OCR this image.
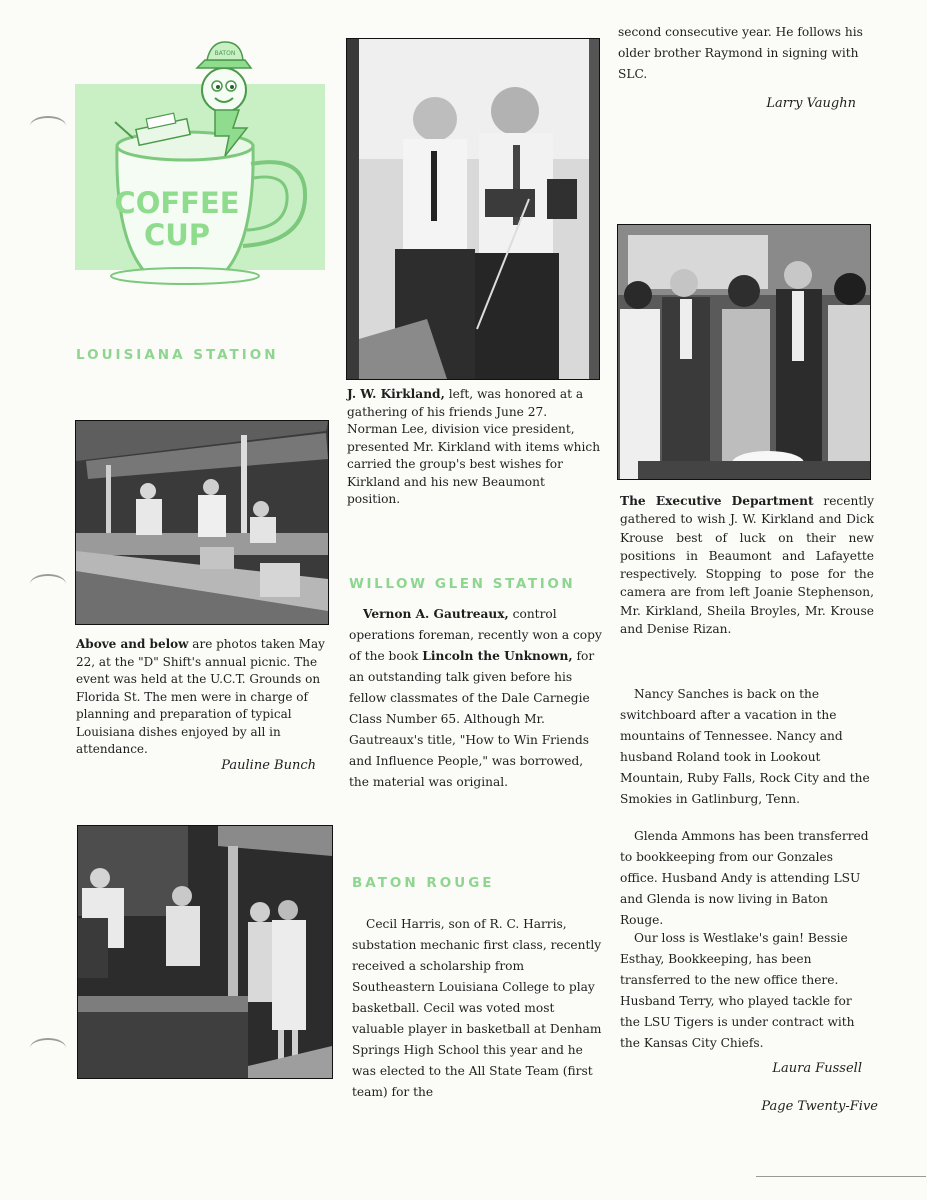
BATON
COFFEE
CUP
LOUISIANA STATION

Above and below are photos taken May 22, at the "D" Shift's annual picnic. The event was held at the U.C.T. Grounds on Florida St. The men were in charge of planning and preparation of typical Louisiana dishes enjoyed by all in attendance.

Pauline Bunch

J. W. Kirkland, left, was honored at a gathering of his friends June 27. Norman Lee, division vice president, presented Mr. Kirkland with items which carried the group's best wishes for Kirkland and his new Beaumont position.

WILLOW GLEN STATION

Vernon A. Gautreaux, control operations foreman, recently won a copy of the book Lincoln the Unknown, for an outstanding talk given before his fellow classmates of the Dale Carnegie Class Number 65. Although Mr. Gautreaux's title, "How to Win Friends and Influence People," was borrowed, the material was original.

BATON ROUGE

Cecil Harris, son of R. C. Harris, substation mechanic first class, recently received a scholarship from Southeastern Louisiana College to play basketball. Cecil was voted most valuable player in basketball at Denham Springs High School this year and he was elected to the All State Team (first team) for the

second consecutive year. He follows his older brother Raymond in signing with SLC.

Larry Vaughn

The Executive Department recently gathered to wish J. W. Kirkland and Dick Krouse best of luck on their new positions in Beaumont and Lafayette respectively. Stopping to pose for the camera are from left Joanie Stephenson, Mr. Kirkland, Sheila Broyles, Mr. Krouse and Denise Rizan.

Nancy Sanches is back on the switchboard after a vacation in the mountains of Tennessee. Nancy and husband Roland took in Lookout Mountain, Ruby Falls, Rock City and the Smokies in Gatlinburg, Tenn.

Glenda Ammons has been transferred to bookkeeping from our Gonzales office. Husband Andy is attending LSU and Glenda is now living in Baton Rouge.

Our loss is Westlake's gain! Bessie Esthay, Bookkeeping, has been transferred to the new office there. Husband Terry, who played tackle for the LSU Tigers is under contract with the Kansas City Chiefs.

Laura Fussell
Page Twenty-Five
